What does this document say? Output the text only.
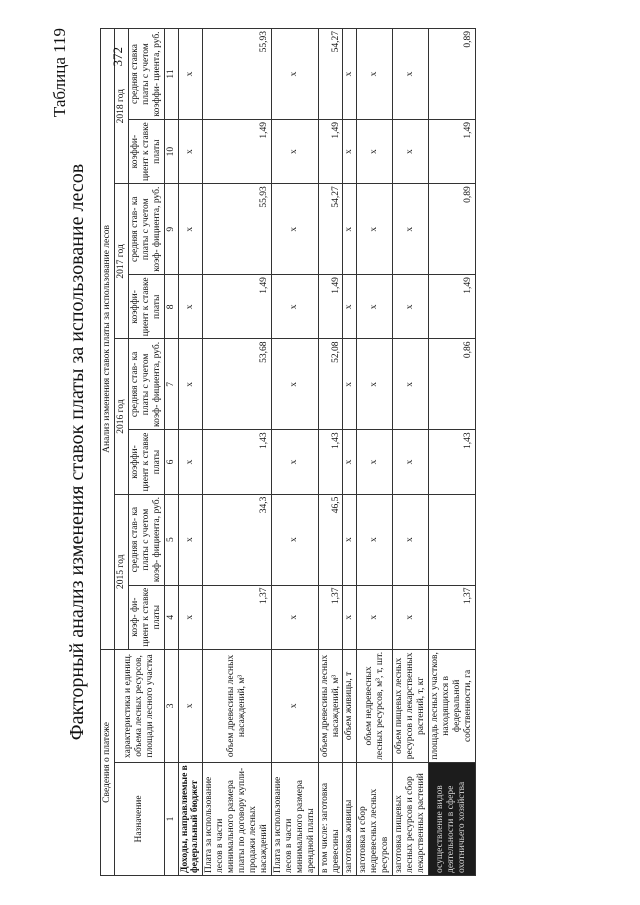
Таблица 119
Факторный анализ изменения ставок платы за использование лесов
Сведения о платеже		Анализ изменения ставок платы за использование лесов							
Назначение	характеристика и единиц. объема лесных ресурсов, площади лесного участка	2015 год		2016 год		2017 год		2018 год	
		коэф- фи- циент к ставке платы	средняя став- ка платы с учетом коэф- фициента, руб.	коэффи- циент к ставке платы	средняя став- ка платы с учетом коэф- фициента, руб.	коэффи- циент к ставке платы	средняя став- ка платы с учетом коэф- фициента, руб.	коэффи- циент к ставке платы	средняя ставка платы с учетом коэффи- циента, руб.
1	3	4	5	6	7	8	9	10	11
Доходы, направляемые в федеральный бюджет	x	x	x	x	x	x	x	x	x
Плата за использование лесов в части минимального размера платы по договору купли-продажи лесных насаждений	объем древесины лесных насаждений, м³	1,37	34,3	1,43	53,68	1,49	55,93	1,49	55,93
Плата за использование лесов в части минимального размера арендной платы	x	x	x	x	x	x	x	x	x
в том числе: заготовка древесины	объем древесины лесных насаждений, м³	1,37	46,5	1,43	52,08	1,49	54,27	1,49	54,27
заготовка живицы	объем живицы, т	x	x	x	x	x	x	x	x
заготовка и сбор недревесных лесных ресурсов	объем недревесных лесных ресурсов, м³, т, шт.	x	x	x	x	x	x	x	x
заготовка пищевых лесных ресурсов и сбор лекарственных растений	объем пищевых лесных ресурсов и лекарственных растений, т, кг	x	x	x	x	x	x	x	x
осуществление видов деятельности в сфере охотничьего хозяйства	площадь лесных участков, находящихся в федеральной собственности, га	1,37		1,43	0,86	1,49	0,89	1,49	0,89
372
